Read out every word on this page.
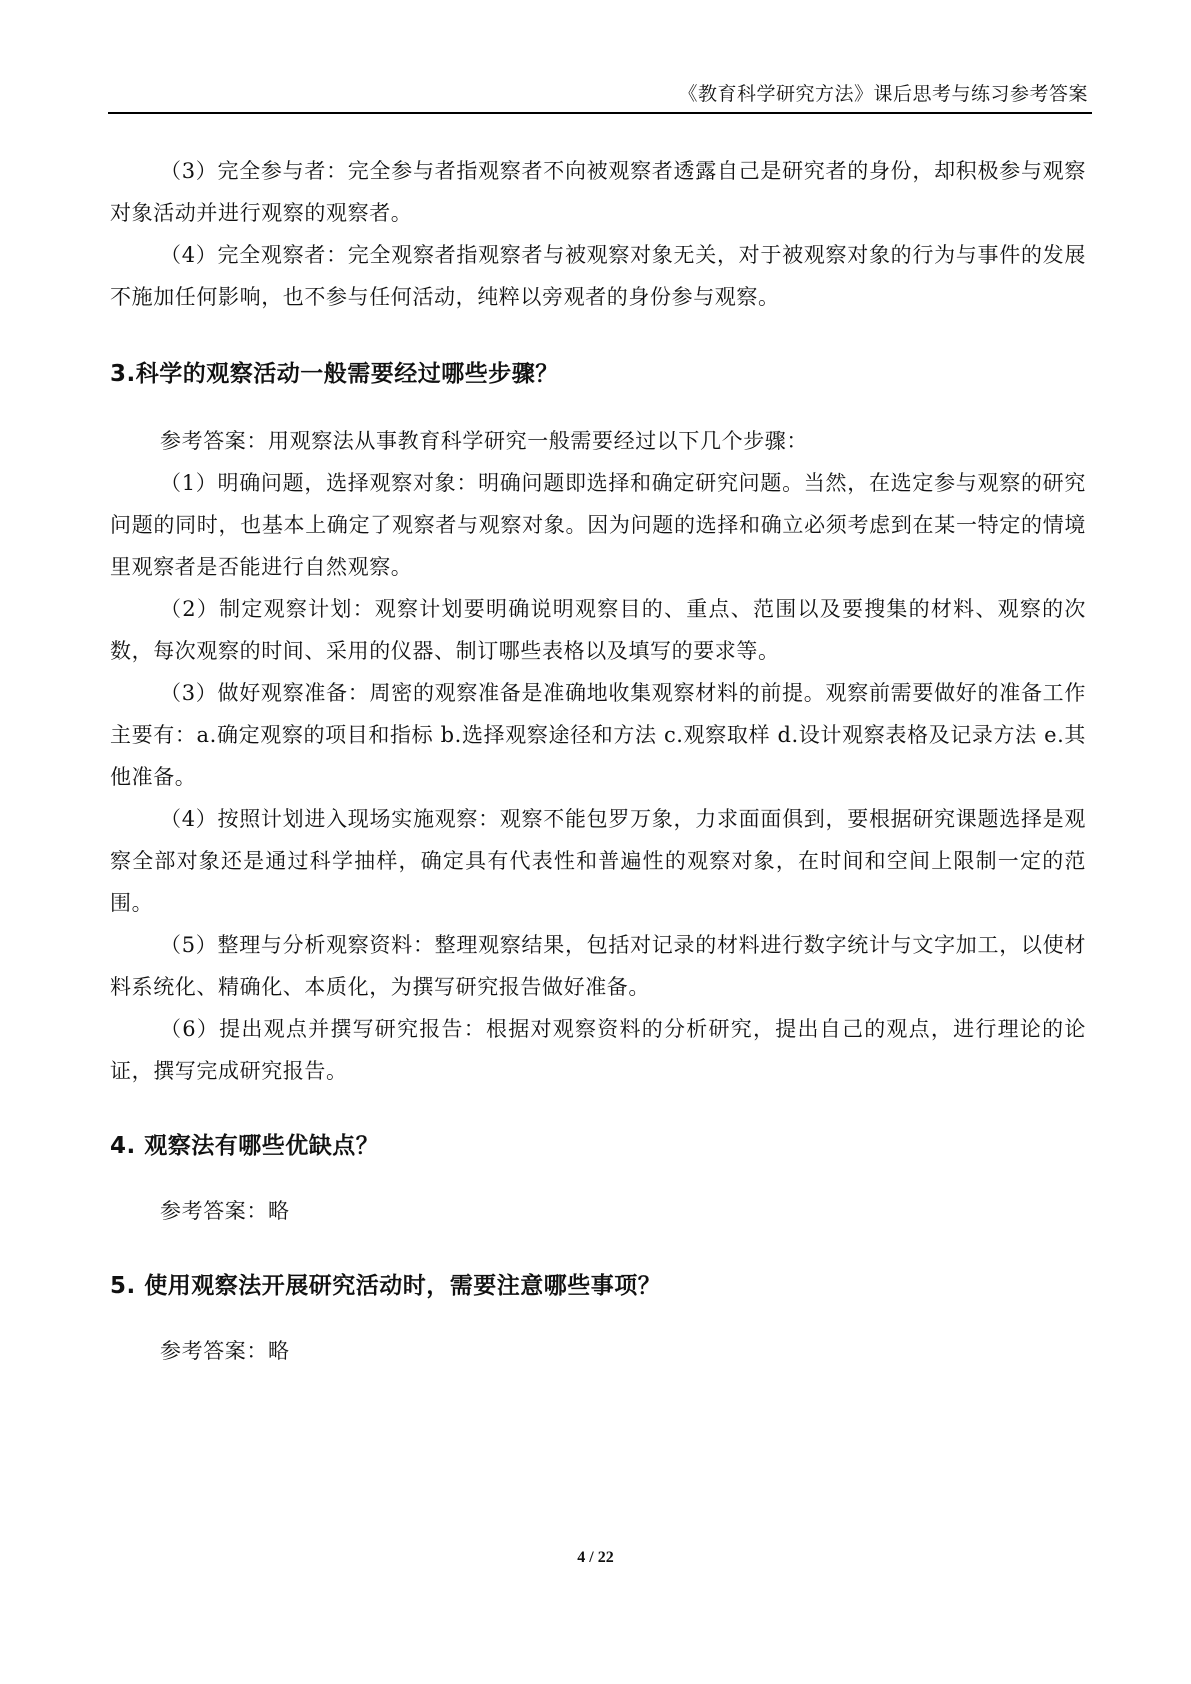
《教育科学研究方法》课后思考与练习参考答案

（3）完全参与者：完全参与者指观察者不向被观察者透露自己是研究者的身份，却积极参与观察对象活动并进行观察的观察者。

（4）完全观察者：完全观察者指观察者与被观察对象无关，对于被观察对象的行为与事件的发展不施加任何影响，也不参与任何活动，纯粹以旁观者的身份参与观察。

3.科学的观察活动一般需要经过哪些步骤？

参考答案：用观察法从事教育科学研究一般需要经过以下几个步骤：

（1）明确问题，选择观察对象：明确问题即选择和确定研究问题。当然，在选定参与观察的研究问题的同时，也基本上确定了观察者与观察对象。因为问题的选择和确立必须考虑到在某一特定的情境里观察者是否能进行自然观察。

（2）制定观察计划：观察计划要明确说明观察目的、重点、范围以及要搜集的材料、观察的次数，每次观察的时间、采用的仪器、制订哪些表格以及填写的要求等。

（3）做好观察准备：周密的观察准备是准确地收集观察材料的前提。观察前需要做好的准备工作主要有：a.确定观察的项目和指标 b.选择观察途径和方法 c.观察取样 d.设计观察表格及记录方法 e.其他准备。

（4）按照计划进入现场实施观察：观察不能包罗万象，力求面面俱到，要根据研究课题选择是观察全部对象还是通过科学抽样，确定具有代表性和普遍性的观察对象，在时间和空间上限制一定的范围。

（5）整理与分析观察资料：整理观察结果，包括对记录的材料进行数字统计与文字加工，以使材料系统化、精确化、本质化，为撰写研究报告做好准备。

（6）提出观点并撰写研究报告：根据对观察资料的分析研究，提出自己的观点，进行理论的论证，撰写完成研究报告。

4. 观察法有哪些优缺点？

参考答案：略

5. 使用观察法开展研究活动时，需要注意哪些事项？

参考答案：略

4 / 22
